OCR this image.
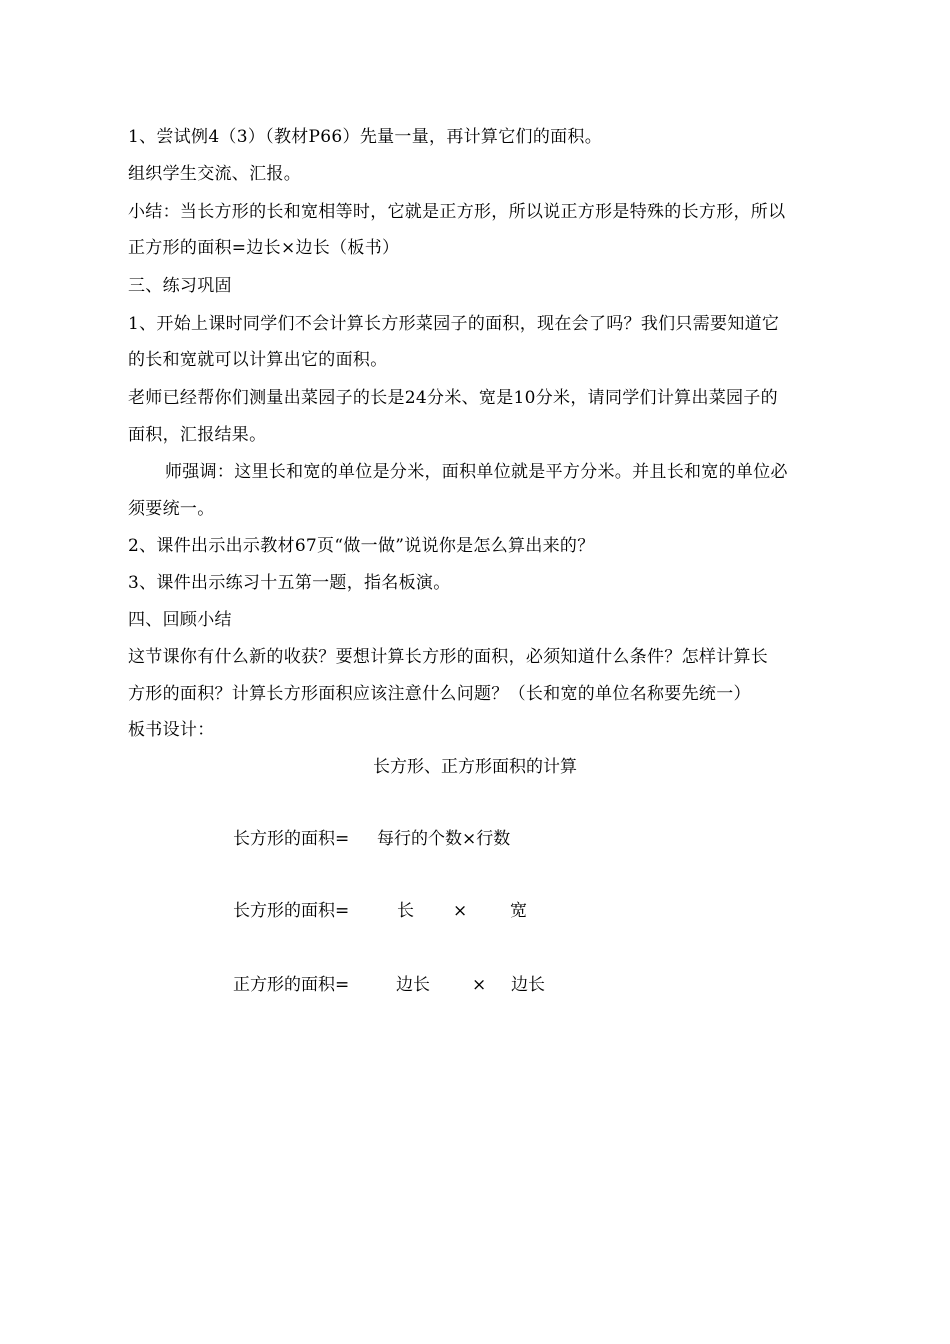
1、尝试例4（3）（教材P66）先量一量，再计算它们的面积。
组织学生交流、汇报。
小结：当长方形的长和宽相等时，它就是正方形，所以说正方形是特殊的长方形，所以
正方形的面积=边长×边长（板书）
三、练习巩固
1、开始上课时同学们不会计算长方形菜园子的面积，现在会了吗？我们只需要知道它
的长和宽就可以计算出它的面积。
老师已经帮你们测量出菜园子的长是24分米、宽是10分米，请同学们计算出菜园子的
面积，汇报结果。
师强调：这里长和宽的单位是分米，面积单位就是平方分米。并且长和宽的单位必
须要统一。
2、课件出示出示教材67页“做一做”说说你是怎么算出来的？
3、课件出示练习十五第一题，指名板演。
四、回顾小结
这节课你有什么新的收获？要想计算长方形的面积，必须知道什么条件？怎样计算长
方形的面积？计算长方形面积应该注意什么问题？（长和宽的单位名称要先统一）
板书设计：
长方形、正方形面积的计算
长方形的面积= 每行的个数×行数
长方形的面积=	长 ×	宽
正方形的面积=	边长 × 边长
